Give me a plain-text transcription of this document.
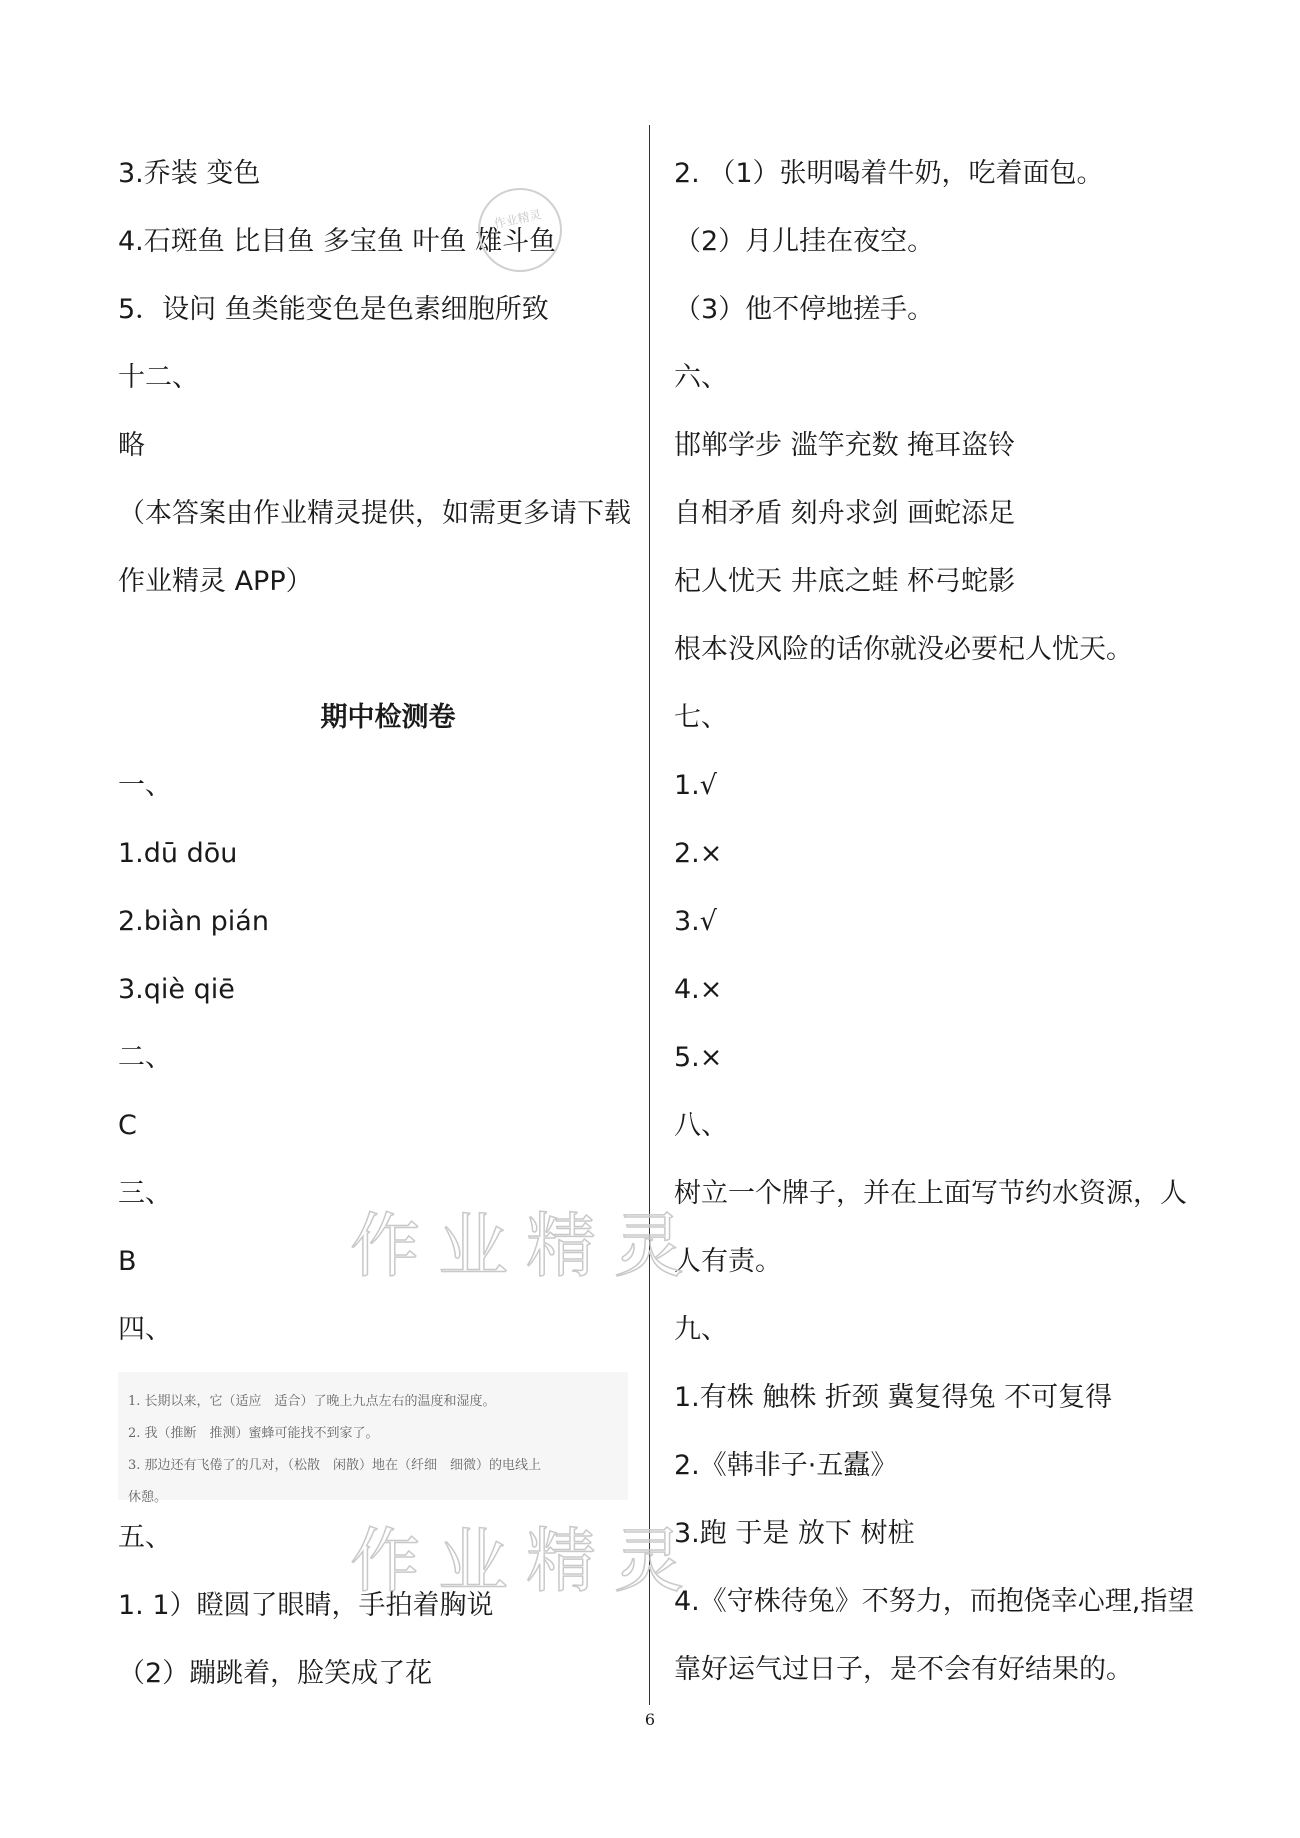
3.乔装 变色
4.石斑鱼 比目鱼 多宝鱼 叶鱼 雄斗鱼
5．设问 鱼类能变色是色素细胞所致
十二、
略
（本答案由作业精灵提供，如需更多请下载
作业精灵 APP）
期中检测卷
一、
1.dū dōu
2.biàn pián
3.qiè qiē
二、
C
三、
B
四、
1. 长期以来，它（适应　适合）了晚上九点左右的温度和湿度。
2. 我（推断　推测）蜜蜂可能找不到家了。
3. 那边还有飞倦了的几对，（松散　闲散）地在（纤细　细微）的电线上
休憩。
五、
1. 1）瞪圆了眼睛，手拍着胸说
（2）蹦跳着，脸笑成了花
2. （1）张明喝着牛奶，吃着面包。
（2）月儿挂在夜空。
（3）他不停地搓手。
六、
邯郸学步 滥竽充数 掩耳盗铃
自相矛盾 刻舟求剑 画蛇添足
杞人忧天 井底之蛙 杯弓蛇影
根本没风险的话你就没必要杞人忧天。
七、
1.√
2.×
3.√
4.×
5.×
八、
树立一个牌子，并在上面写节约水资源，人
人有责。
九、
1.有株 触株 折颈 冀复得兔 不可复得
2.《韩非子·五蠹》
3.跑 于是 放下 树桩
4.《守株待兔》不努力，而抱侥幸心理,指望
靠好运气过日子，是不会有好结果的。
作业精灵
作业精灵
作业精灵
6
